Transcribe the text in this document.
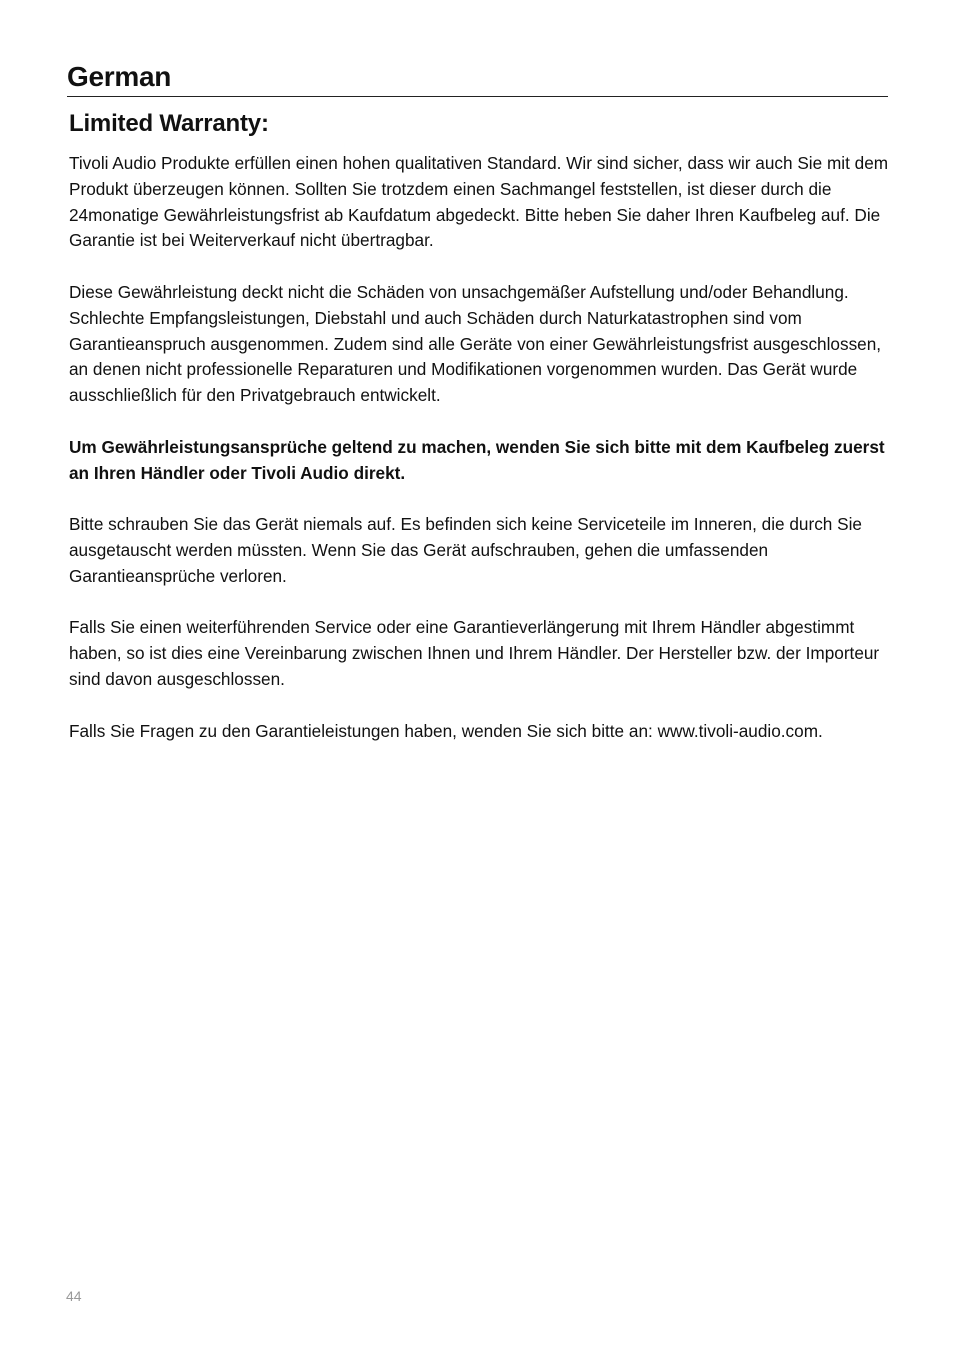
German
Limited Warranty:

Tivoli Audio Produkte erfüllen einen hohen qualitativen Standard. Wir sind sicher, dass wir auch Sie mit dem Produkt überzeugen können. Sollten Sie trotzdem einen Sachmangel feststellen, ist dieser durch die 24monatige Gewährleistungsfrist ab Kaufdatum abgedeckt. Bitte heben Sie daher Ihren Kaufbeleg auf. Die Garantie ist bei Weiterverkauf nicht übertragbar.

Diese Gewährleistung deckt nicht die Schäden von unsachgemäßer Aufstellung und/oder Behandlung. Schlechte Empfangsleistungen, Diebstahl und auch Schäden durch Naturkatastrophen sind vom Garantieanspruch ausgenommen. Zudem sind alle Geräte von einer Gewährleistungsfrist ausgeschlossen, an denen nicht professionelle Reparaturen und Modifikationen vorgenommen wurden. Das Gerät wurde ausschließlich für den Privatgebrauch entwickelt.

Um Gewährleistungsansprüche geltend zu machen, wenden Sie sich bitte mit dem Kaufbeleg zuerst an Ihren Händler oder Tivoli Audio direkt.

Bitte schrauben Sie das Gerät niemals auf. Es befinden sich keine Serviceteile im Inneren, die durch Sie ausgetauscht werden müssten. Wenn Sie das Gerät aufschrauben, gehen die umfassenden Garantieansprüche verloren.

Falls Sie einen weiterführenden Service oder eine Garantieverlängerung mit Ihrem Händler abgestimmt haben, so ist dies eine Vereinbarung zwischen Ihnen und Ihrem Händler. Der Hersteller bzw. der Importeur sind davon ausgeschlossen.

Falls Sie Fragen zu den Garantieleistungen haben, wenden Sie sich bitte an: www.tivoli-audio.com.

44
